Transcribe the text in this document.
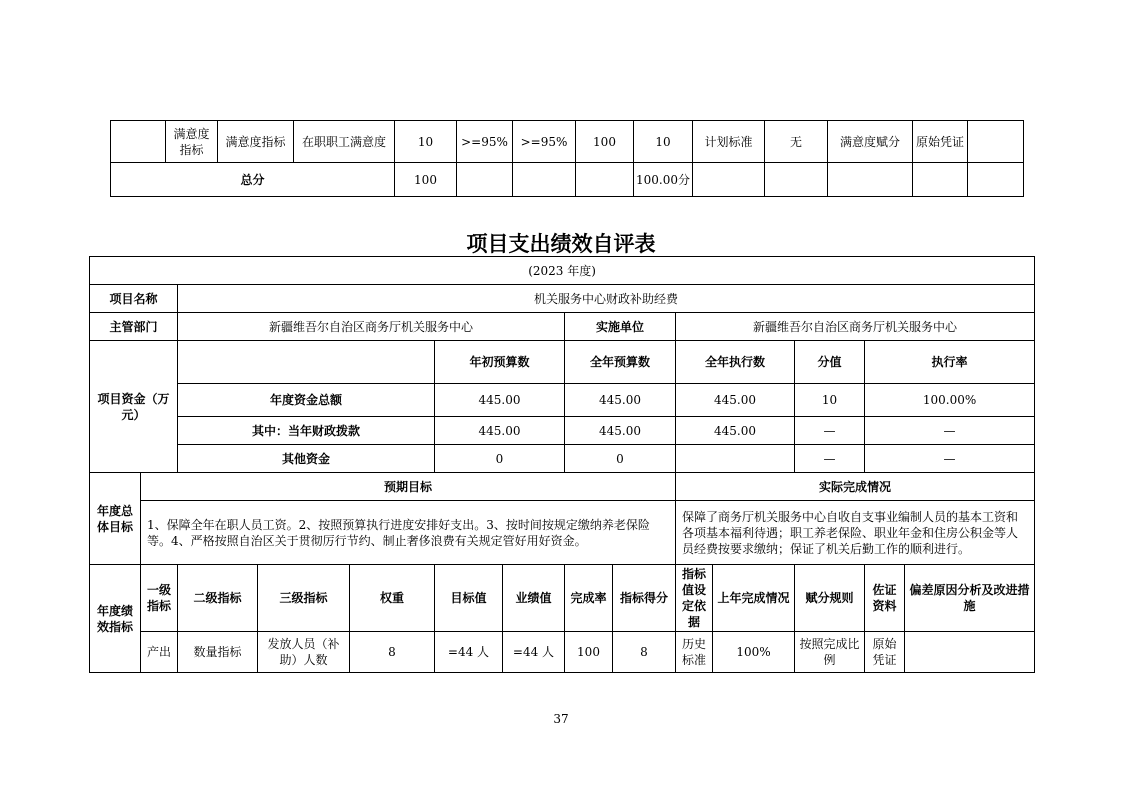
	满意度指标	满意度指标	在职职工满意度	10	>=95%	>=95%	100	10	计划标准	无	满意度赋分	原始凭证	
总分				100				100.00分					
项目支出绩效自评表
(2023 年度)														
项目名称		机关服务中心财政补助经费												
主管部门		新疆维吾尔自治区商务厅机关服务中心					实施单位		新疆维吾尔自治区商务厅机关服务中心					
项目资金（万元）					年初预算数		全年预算数		全年执行数		分值	执行率	
		年度资金总额			445.00		445.00		445.00		10	100.00%	
		其中：当年财政拨款			445.00		445.00		445.00		—	—	
		其他资金			0		0				—	—	
年度总体目标	预期目标								实际完成情况					
	1、保障全年在职人员工资。2、按照预算执行进度安排好支出。3、按时间按规定缴纳养老保险等。4、严格按照自治区关于贯彻厉行节约、制止奢侈浪费有关规定管好用好资金。								保障了商务厅机关服务中心自收自支事业编制人员的基本工资和各项基本福利待遇；职工养老保险、职业年金和住房公积金等人员经费按要求缴纳；保证了机关后勤工作的顺利进行。					
年度绩效指标	一级指标	二级指标	三级指标	权重	目标值	业绩值	完成率	指标得分	指标值设定依据	上年完成情况	赋分规则	佐证资料	偏差原因分析及改进措施	
	产出	数量指标	发放人员（补助）人数	8	=44 人	=44 人	100	8	历史标准	100%	按照完成比例	原始凭证		
37
